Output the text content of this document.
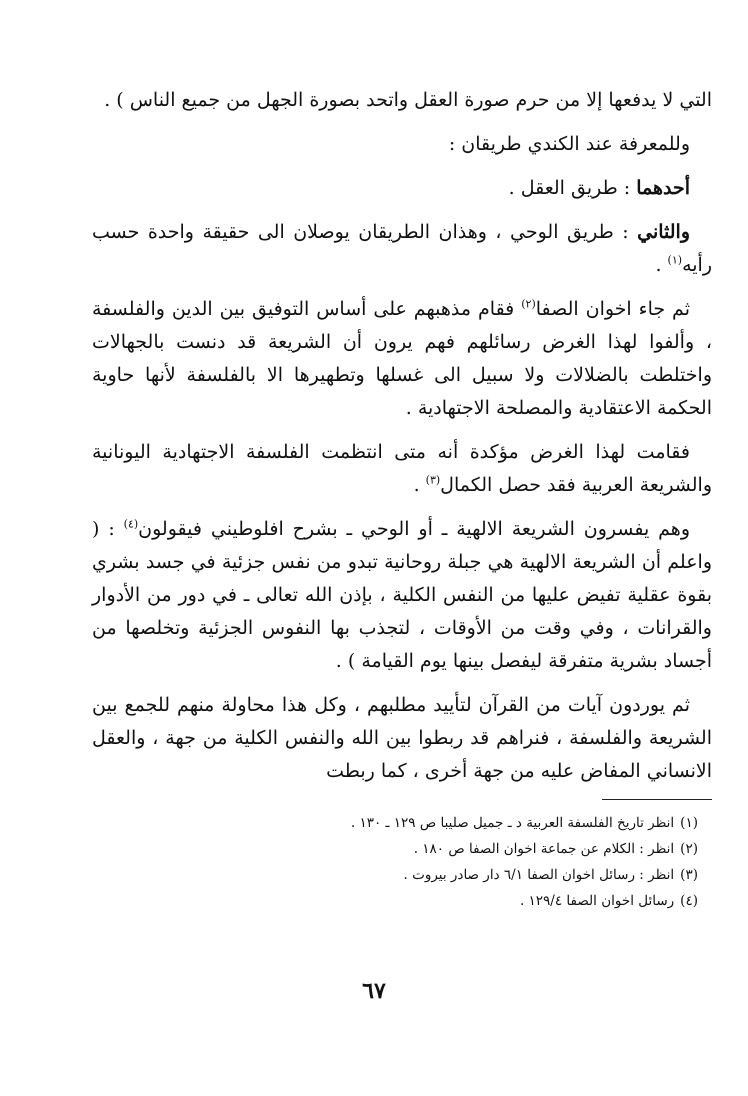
التي لا يدفعها إلا من حرم صورة العقل واتحد بصورة الجهل من جميع الناس ) .

وللمعرفة عند الكندي طريقان :

أحدهما : طريق العقل .

والثاني : طريق الوحي ، وهذان الطريقان يوصلان الى حقيقة واحدة حسب رأيه$^{(١)}$ .

ثم جاء اخوان الصفا$^{(٢)}$ فقام مذهبهم على أساس التوفيق بين الدين والفلسفة ، وألفوا لهذا الغرض رسائلهم فهم يرون أن الشريعة قد دنست بالجهالات واختلطت بالضلالات ولا سبيل الى غسلها وتطهيرها الا بالفلسفة لأنها حاوية الحكمة الاعتقادية والمصلحة الاجتهادية .

فقامت لهذا الغرض مؤكدة أنه متى انتظمت الفلسفة الاجتهادية اليونانية والشريعة العربية فقد حصل الكمال$^{(٣)}$ .

وهم يفسرون الشريعة الالهية ـ أو الوحي ـ بشرح افلوطيني فيقولون$^{(٤)}$ : ( واعلم أن الشريعة الالهية هي جبلة روحانية تبدو من نفس جزئية في جسد بشري بقوة عقلية تفيض عليها من النفس الكلية ، بإذن الله تعالى ـ في دور من الأدوار والقرانات ، وفي وقت من الأوقات ، لتجذب بها النفوس الجزئية وتخلصها من أجساد بشرية متفرقة ليفصل بينها يوم القيامة ) .

ثم يوردون آيات من القرآن لتأييد مطلبهم ، وكل هذا محاولة منهم للجمع بين الشريعة والفلسفة ، فنراهم قد ربطوا بين الله والنفس الكلية من جهة ، والعقل الانساني المفاض عليه من جهة أخرى ، كما ربطت

(١)انظر تاريخ الفلسفة العربية د ـ جميل صليبا ص ١٢٩ ـ ١٣٠ .
(٢)انظر : الكلام عن جماعة اخوان الصفا ص ١٨٠ .
(٣)انظر : رسائل اخوان الصفا ٦/١ دار صادر بيروت .
(٤)رسائل اخوان الصفا ١٢٩/٤ .
٦٧
